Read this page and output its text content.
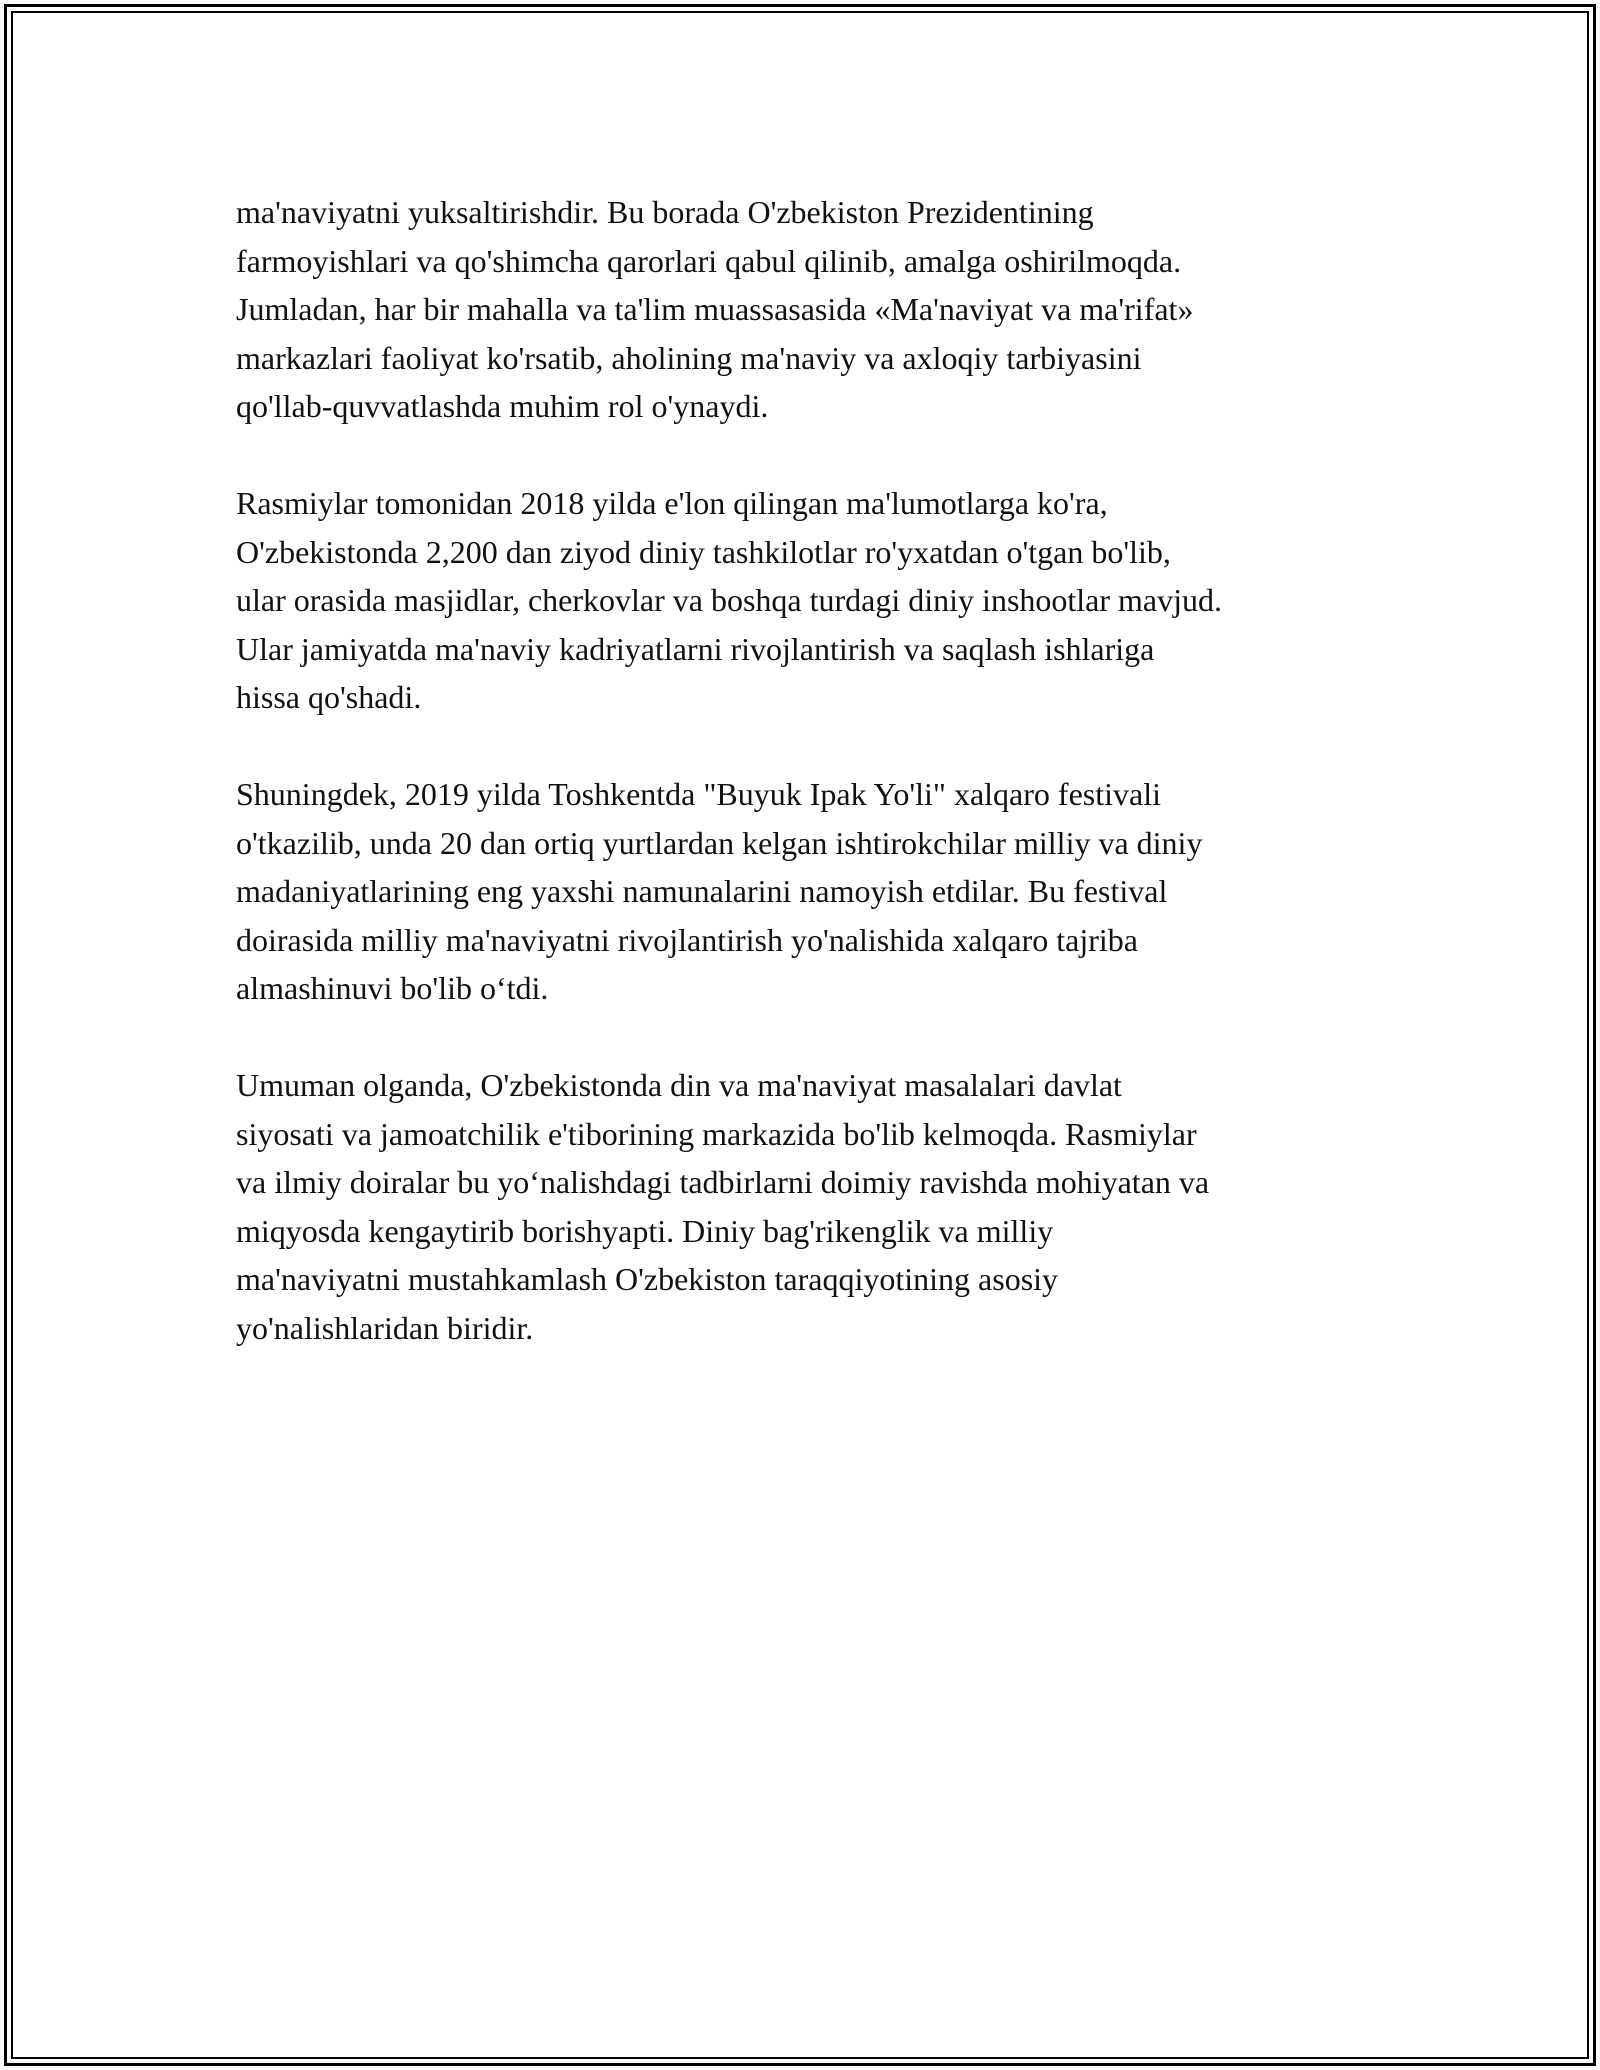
ma'naviyatni yuksaltirishdir. Bu borada O'zbekiston Prezidentining
farmoyishlari va qo'shimcha qarorlari qabul qilinib, amalga oshirilmoqda.
Jumladan, har bir mahalla va ta'lim muassasasida «Ma'naviyat va ma'rifat»
markazlari faoliyat ko'rsatib, aholining ma'naviy va axloqiy tarbiyasini
qo'llab-quvvatlashda muhim rol o'ynaydi.

Rasmiylar tomonidan 2018 yilda e'lon qilingan ma'lumotlarga ko'ra,
O'zbekistonda 2,200 dan ziyod diniy tashkilotlar ro'yxatdan o'tgan bo'lib,
ular orasida masjidlar, cherkovlar va boshqa turdagi diniy inshootlar mavjud.
Ular jamiyatda ma'naviy kadriyatlarni rivojlantirish va saqlash ishlariga
hissa qo'shadi.

Shuningdek, 2019 yilda Toshkentda "Buyuk Ipak Yo'li" xalqaro festivali
o'tkazilib, unda 20 dan ortiq yurtlardan kelgan ishtirokchilar milliy va diniy
madaniyatlarining eng yaxshi namunalarini namoyish etdilar. Bu festival
doirasida milliy ma'naviyatni rivojlantirish yo'nalishida xalqaro tajriba
almashinuvi bo'lib o‘tdi.

Umuman olganda, O'zbekistonda din va ma'naviyat masalalari davlat
siyosati va jamoatchilik e'tiborining markazida bo'lib kelmoqda. Rasmiylar
va ilmiy doiralar bu yo‘nalishdagi tadbirlarni doimiy ravishda mohiyatan va
miqyosda kengaytirib borishyapti. Diniy bag'rikenglik va milliy
ma'naviyatni mustahkamlash O'zbekiston taraqqiyotining asosiy
yo'nalishlaridan biridir.
